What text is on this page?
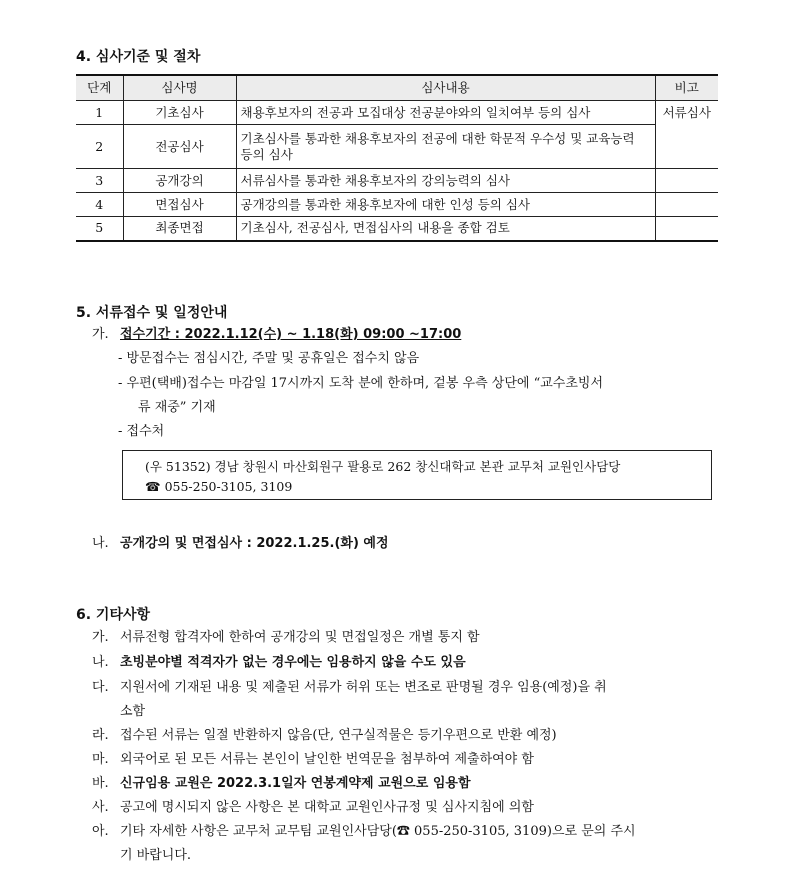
4. 심사기준 및 절차
단계	심사명	심사내용	비고
1	기초심사	채용후보자의 전공과 모집대상 전공분야와의 일치여부 등의 심사	서류심사
2	전공심사	기초심사를 통과한 채용후보자의 전공에 대한 학문적 우수성 및 교육능력 등의 심사	
3	공개강의	서류심사를 통과한 채용후보자의 강의능력의 심사	
4	면접심사	공개강의를 통과한 채용후보자에 대한 인성 등의 심사	
5	최종면접	기초심사, 전공심사, 면접심사의 내용을 종합 검토	
5. 서류접수 및 일정안내
가. 접수기간 : 2022.1.12(수) ~ 1.18(화) 09:00 ~17:00
- 방문접수는 점심시간, 주말 및 공휴일은 접수치 않음
- 우편(택배)접수는 마감일 17시까지 도착 분에 한하며, 겉봉 우측 상단에 “교수초빙서
류 재중” 기재
- 접수처
(우 51352) 경남 창원시 마산회원구 팔용로 262 창신대학교 본관 교무처 교원인사담당
☎ 055-250-3105, 3109
나. 공개강의 및 면접심사 : 2022.1.25.(화) 예정
6. 기타사항
가. 서류전형 합격자에 한하여 공개강의 및 면접일정은 개별 통지 함
나. 초빙분야별 적격자가 없는 경우에는 임용하지 않을 수도 있음
다. 지원서에 기재된 내용 및 제출된 서류가 허위 또는 변조로 판명될 경우 임용(예정)을 취
소함
라. 접수된 서류는 일절 반환하지 않음(단, 연구실적물은 등기우편으로 반환 예정)
마. 외국어로 된 모든 서류는 본인이 날인한 번역문을 첨부하여 제출하여야 함
바. 신규임용 교원은 2022.3.1일자 연봉계약제 교원으로 임용함
사. 공고에 명시되지 않은 사항은 본 대학교 교원인사규정 및 심사지침에 의함
아. 기타 자세한 사항은 교무처 교무팀 교원인사담당(☎ 055-250-3105, 3109)으로 문의 주시
기 바랍니다.
